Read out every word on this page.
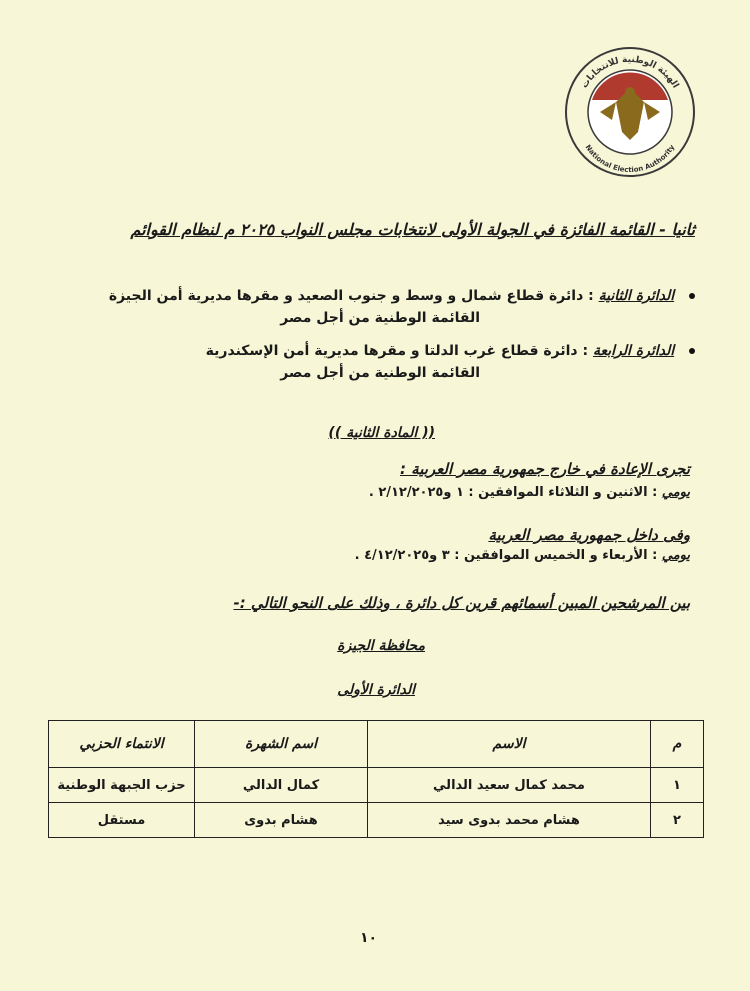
الهيئة الوطنية للانتخابات
National Election Authority
ثانيا - القائمة الفائزة في الجولة الأولى لانتخابات مجلس النواب ٢٠٢٥ م لنظام القوائم
الدائرة الثانية : دائرة قطاع شمال و وسط و جنوب الصعيد و مقرها مديرية أمن الجيزة
القائمة الوطنية من أجل مصر
الدائرة الرابعة : دائرة قطاع غرب الدلتا و مقرها مديرية أمن الإسكندرية
القائمة الوطنية من أجل مصر
(( المادة الثانية ))
تجرى الإعادة في خارج جمهورية مصر العربية :
يومي : الاثنين و الثلاثاء الموافقين : ١ و٢/١٢/٢٠٢٥ .
وفى داخل جمهورية مصر العربية
يومي : الأربعاء و الخميس الموافقين : ٣ و٤/١٢/٢٠٢٥ .
بين المرشحين المبين أسمائهم قرين كل دائرة ، وذلك على النحو التالي :-
محافظة الجيزة
الدائرة الأولى
م	الاسم	اسم الشهرة	الانتماء الحزبي
١	محمد كمال سعيد الدالي	كمال الدالي	حزب الجبهة الوطنية
٢	هشام محمد بدوى سيد	هشام بدوى	مستقل
١٠
